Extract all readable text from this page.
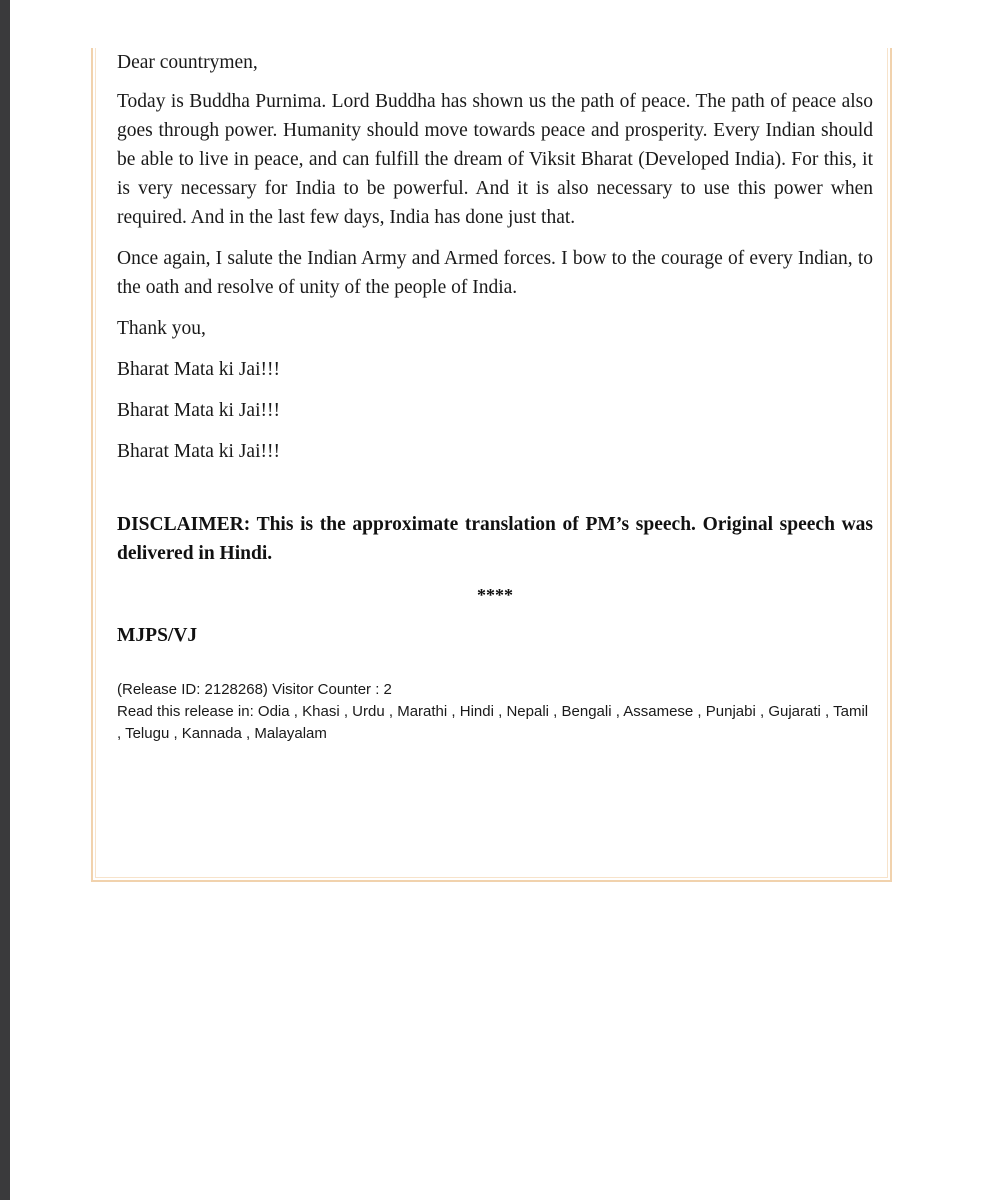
Dear countrymen,

Today is Buddha Purnima. Lord Buddha has shown us the path of peace. The path of peace also goes through power. Humanity should move towards peace and prosperity. Every Indian should be able to live in peace, and can fulfill the dream of Viksit Bharat (Developed India). For this, it is very necessary for India to be powerful. And it is also necessary to use this power when required. And in the last few days, India has done just that.

Once again, I salute the Indian Army and Armed forces. I bow to the courage of every Indian, to the oath and resolve of unity of the people of India.

Thank you,

Bharat Mata ki Jai!!!

Bharat Mata ki Jai!!!

Bharat Mata ki Jai!!!

DISCLAIMER: This is the approximate translation of PM’s speech. Original speech was delivered in Hindi.

****

MJPS/VJ

(Release ID: 2128268) Visitor Counter : 2

Read this release in: Odia , Khasi , Urdu , Marathi , Hindi , Nepali , Bengali , Assamese , Punjabi , Gujarati , Tamil , Telugu , Kannada , Malayalam
